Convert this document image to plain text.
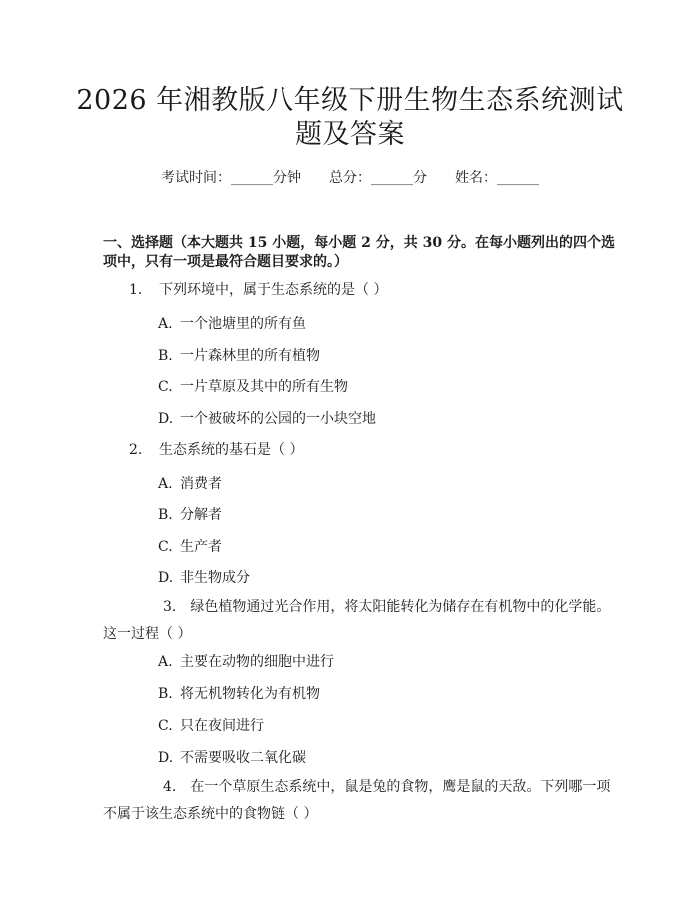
2026 年湘教版八年级下册生物生态系统测试
题及答案
考试时间：______分钟 总分：______分 姓名：______
一、选择题（本大题共 15 小题，每小题 2 分，共 30 分。在每小题列出的四个选
项中，只有一项是最符合题目要求的。）
1. 下列环境中，属于生态系统的是（ ）
A. 一个池塘里的所有鱼
B. 一片森林里的所有植物
C. 一片草原及其中的所有生物
D. 一个被破坏的公园的一小块空地
2. 生态系统的基石是（ ）
A. 消费者
B. 分解者
C. 生产者
D. 非生物成分
3. 绿色植物通过光合作用，将太阳能转化为储存在有机物中的化学能。这一过程（ ）
A. 主要在动物的细胞中进行
B. 将无机物转化为有机物
C. 只在夜间进行
D. 不需要吸收二氧化碳
4. 在一个草原生态系统中，鼠是兔的食物，鹰是鼠的天敌。下列哪一项不属于该生态系统中的食物链（ ）
